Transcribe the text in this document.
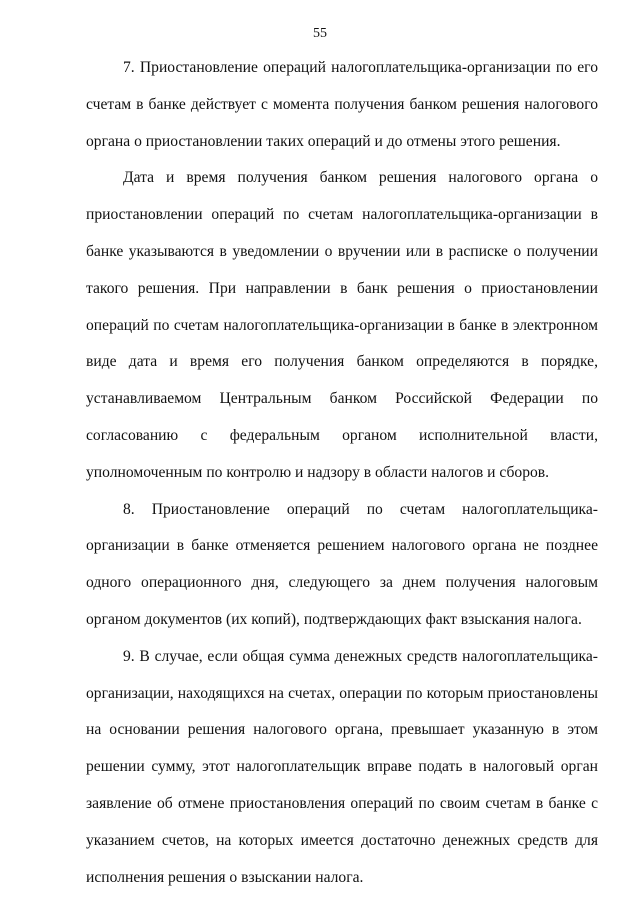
55

7. Приостановление операций налогоплательщика-организации по его счетам в банке действует с момента получения банком решения налогового органа о приостановлении таких операций и до отмены этого решения.

Дата и время получения банком решения налогового органа о приостановлении операций по счетам налогоплательщика-организации в банке указываются в уведомлении о вручении или в расписке о получении такого решения. При направлении в банк решения о приостановлении операций по счетам налогоплательщика-организации в банке в электронном виде дата и время его получения банком определяются в порядке, устанавливаемом Центральным банком Российской Федерации по согласованию с федеральным органом исполнительной власти, уполномоченным по контролю и надзору в области налогов и сборов.

8. Приостановление операций по счетам налогоплательщика-организации в банке отменяется решением налогового органа не позднее одного операционного дня, следующего за днем получения налоговым органом документов (их копий), подтверждающих факт взыскания налога.

9. В случае, если общая сумма денежных средств налогоплательщика-организации, находящихся на счетах, операции по которым приостановлены на основании решения налогового органа, превышает указанную в этом решении сумму, этот налогоплательщик вправе подать в налоговый орган заявление об отмене приостановления операций по своим счетам в банке с указанием счетов, на которых имеется достаточно денежных средств для исполнения решения о взыскании налога.
